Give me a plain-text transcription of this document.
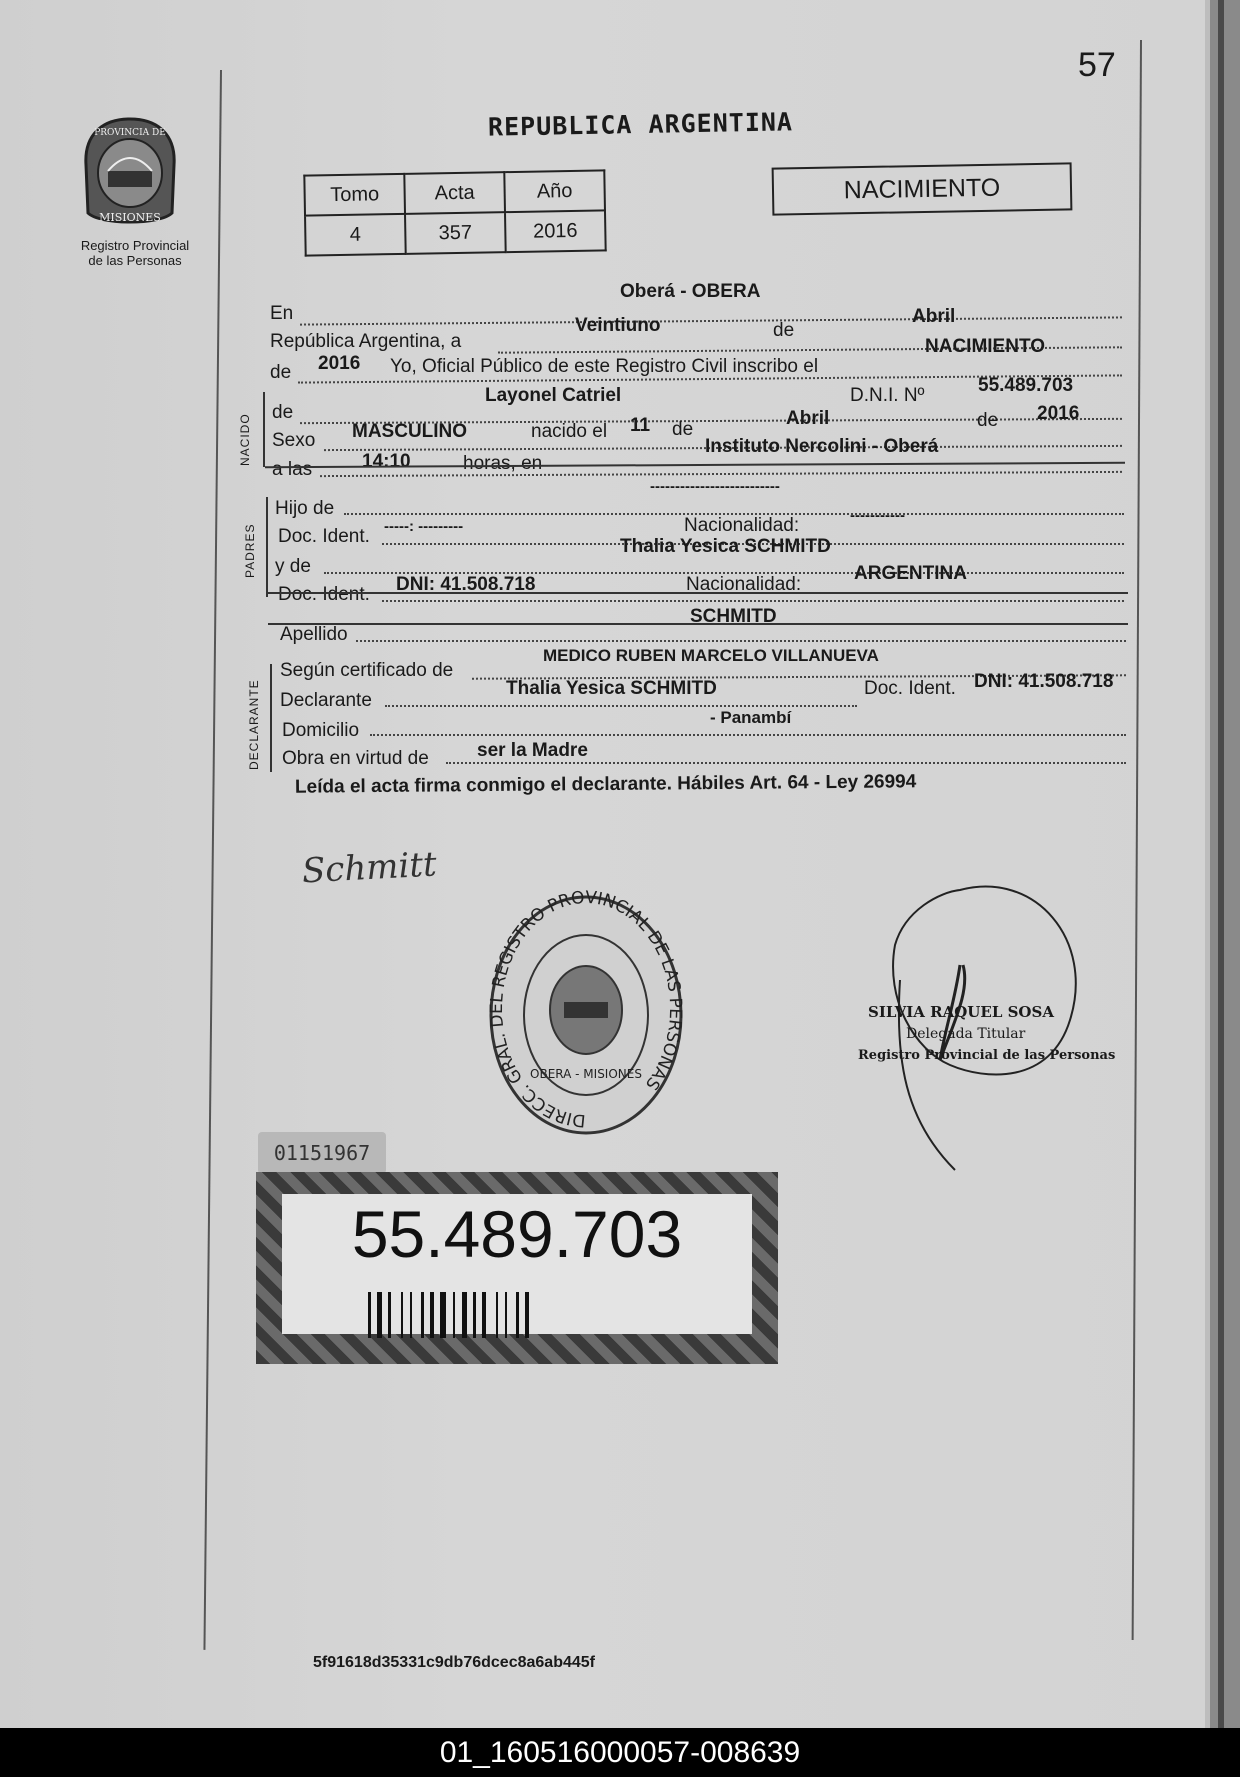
57
PROVINCIA DE
MISIONES
Registro Provincial
de las Personas
REPUBLICA ARGENTINA
Tomo	Acta	Año
4	357	2016
NACIMIENTO
En
Oberá - OBERA
República Argentina, a
Veintiuno	de
Abril
de 2016 Yo, Oficial Público de este Registro Civil inscribo el
NACIMIENTO
NACIDO
de
Layonel Catriel	D.N.I. Nº	55.489.703
Sexo MASCULINO	nacido el 11 de
Abril	de 2016
a las	14:10	horas, en
Instituto Nercolini - Oberá
PADRES
Hijo de
--------------------------
Doc. Ident. -----: ---------	Nacionalidad:	-----------
y de
Thalia Yesica SCHMITD
Doc. Ident. DNI: 41.508.718	Nacionalidad:
ARGENTINA
Apellido
SCHMITD
DECLARANTE
Según certificado de
MEDICO RUBEN MARCELO VILLANUEVA
Declarante
Thalia Yesica SCHMITD	Doc. Ident. DNI: 41.508.718
Domicilio
- Panambí
Obra en virtud de	ser la Madre
Leída el acta firma conmigo el declarante. Hábiles Art. 64 - Ley 26994
Schmitt
DIRECC. GRAL. DEL REGISTRO PROVINCIAL DE LAS PERSONAS
OBERA - MISIONES
SILVIA RAQUEL SOSA
Delegada Titular
Registro Provincial de las Personas
01151967
55.489.703
5f91618d35331c9db76dcec8a6ab445f
01_160516000057-008639
